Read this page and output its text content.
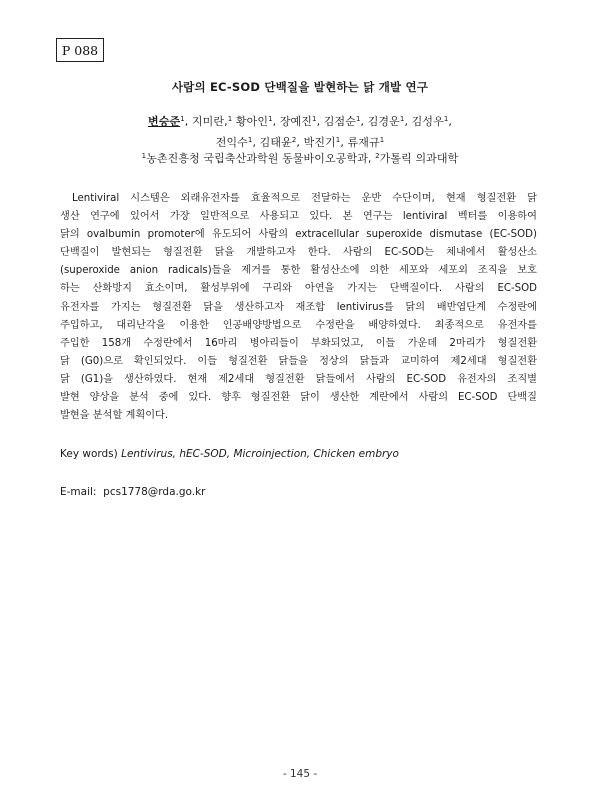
P 088
사람의 EC-SOD 단백질을 발현하는 닭 개발 연구
변승준$^1$, 지미란,$^1$ 황아인$^1$, 장예진$^1$, 김점순$^1$, 김경운$^1$, 김성우$^1$,
전익수$^1$, 김태윤$^2$, 박진기$^1$, 류재규$^1$
$^1$농촌진흥청 국립축산과학원 동물바이오공학과, $^2$가톨릭 의과대학
Lentiviral 시스템은 외래유전자를 효율적으로 전달하는 운반 수단이며, 현재 형질전환 닭
생산 연구에 있어서 가장 일반적으로 사용되고 있다. 본 연구는 lentiviral 벡터를 이용하여
닭의 ovalbumin promoter에 유도되어 사람의 extracellular superoxide dismutase (EC-SOD)
단백질이 발현되는 형질전환 닭을 개발하고자 한다. 사람의 EC-SOD는 체내에서 활성산소
(superoxide anion radicals)들을 제거를 통한 활성산소에 의한 세포와 세포외 조직을 보호
하는 산화방지 효소이며, 활성부위에 구리와 아연을 가지는 단백질이다. 사람의 EC-SOD
유전자를 가지는 형질전환 닭을 생산하고자 재조합 lentivirus를 닭의 배반엽단계 수정란에
주입하고, 대리난각을 이용한 인공배양방법으로 수정란을 배양하였다. 최종적으로 유전자를
주입한 158개 수정란에서 16마리 병아리들이 부화되었고, 이들 가운데 2마리가 형질전환
닭 (G0)으로 확인되었다. 이들 형질전환 닭들을 정상의 닭들과 교미하여 제2세대 형질전환
닭 (G1)을 생산하였다. 현재 제2세대 형질전환 닭들에서 사람의 EC-SOD 유전자의 조직별
발현 양상을 분석 중에 있다. 향후 형질전환 닭이 생산한 계란에서 사람의 EC-SOD 단백질
발현을 분석할 계획이다.
Key words) Lentivirus, hEC-SOD, Microinjection, Chicken embryo
E-mail: pcs1778@rda.go.kr
- 145 -
